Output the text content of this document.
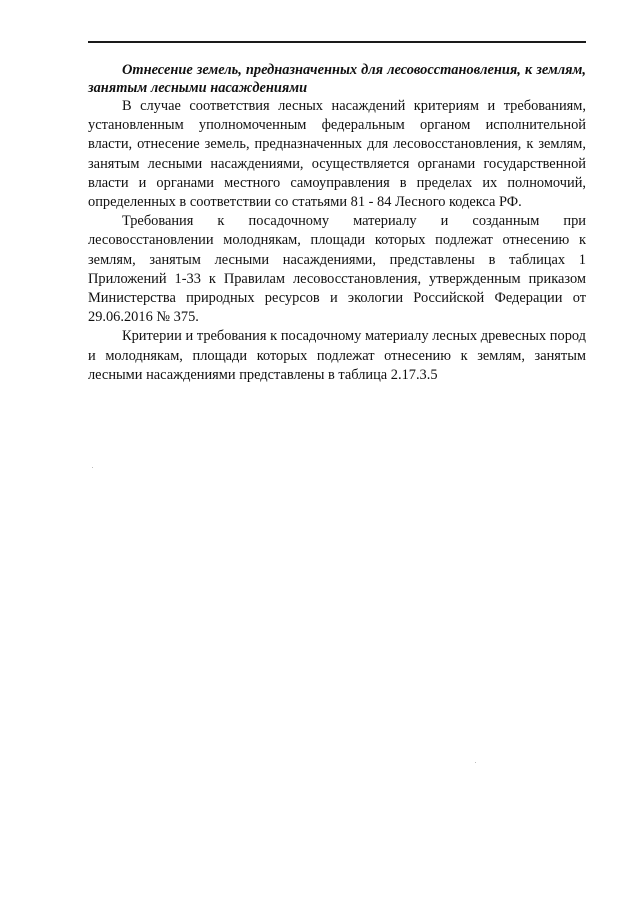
Отнесение земель, предназначенных для лесовосстановления, к землям, занятым лесными насаждениями

В случае соответствия лесных насаждений критериям и требованиям, установленным уполномоченным федеральным органом исполнительной власти, отнесение земель, предназначенных для лесовосстановления, к землям, занятым лесными насаждениями, осуществляется органами государственной власти и органами местного самоуправления в пределах их полномочий, определенных в соответствии со статьями 81 - 84 Лесного кодекса РФ.

Требования к посадочному материалу и созданным при лесовосстановлении молоднякам, площади которых подлежат отнесению к землям, занятым лесными насаждениями, представлены в таблицах 1 Приложений 1-33 к Правилам лесовосстановления, утвержденным приказом Министерства природных ресурсов и экологии Российской Федерации от 29.06.2016 № 375.

Критерии и требования к посадочному материалу лесных древесных пород и молоднякам, площади которых подлежат отнесению к землям, занятым лесными насаждениями представлены в таблица 2.17.3.5
